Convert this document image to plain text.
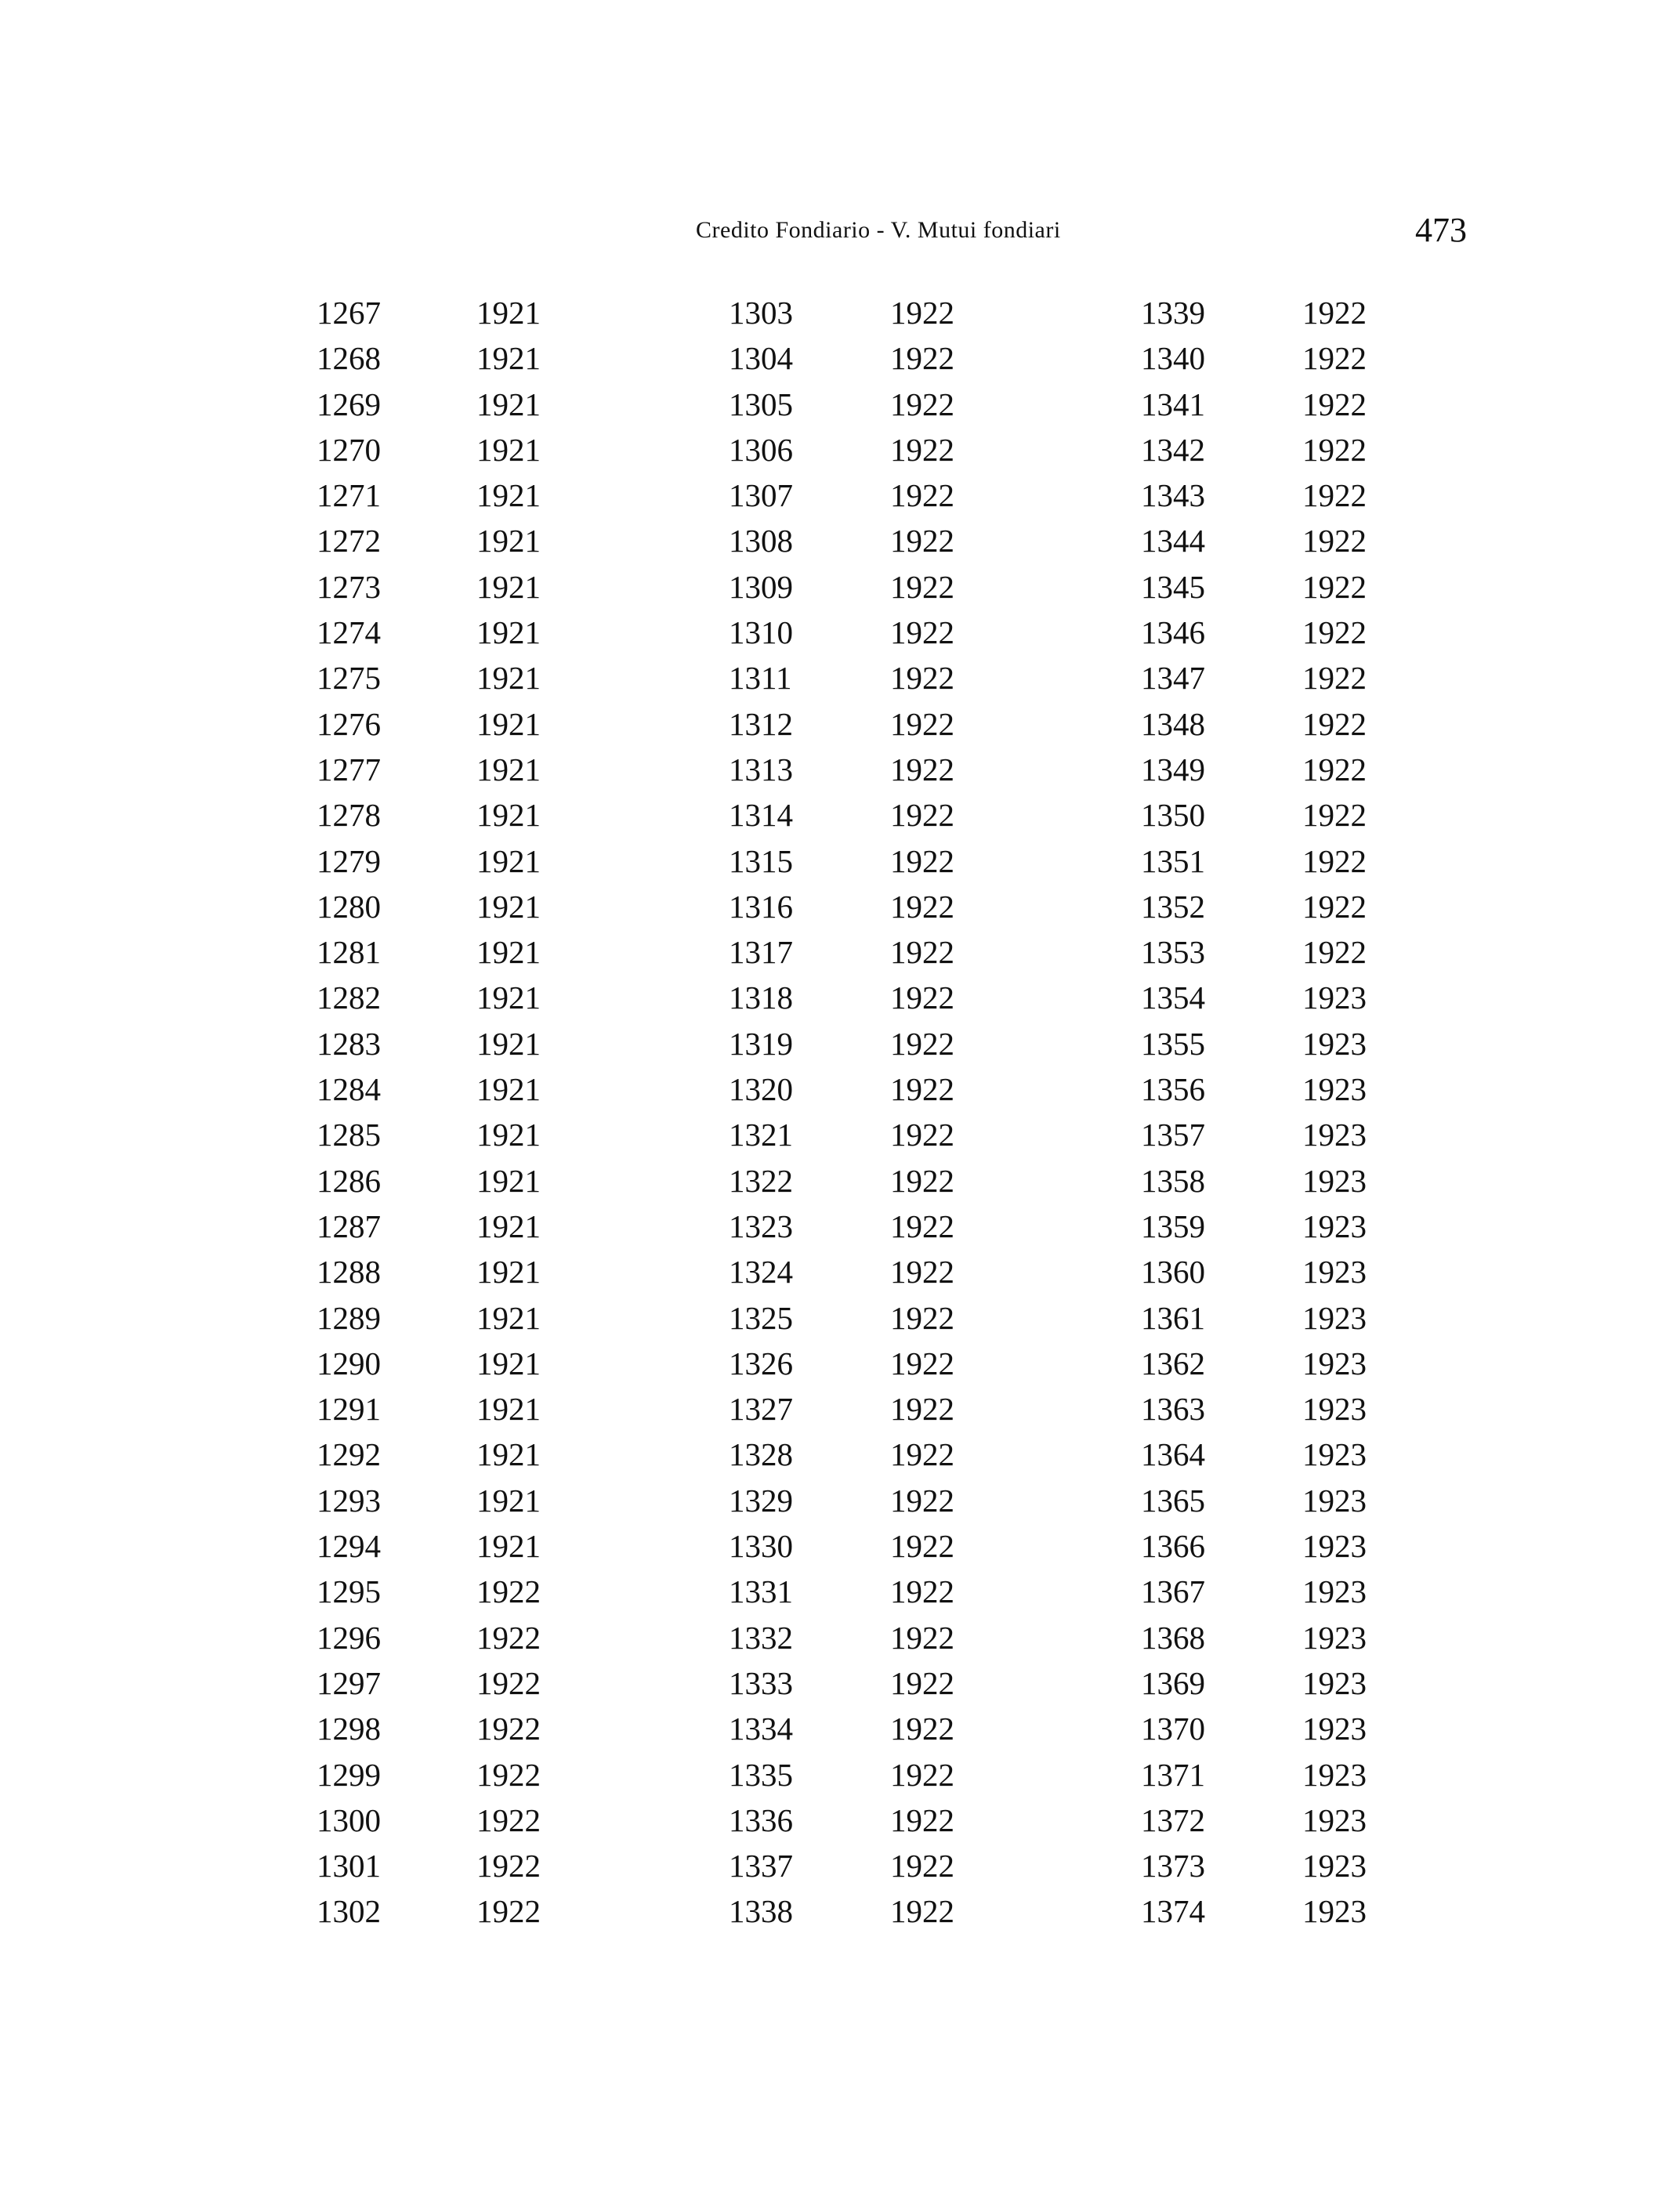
Credito Fondiario - V. Mutui fondiari	473
1267	1921
1268	1921
1269	1921
1270	1921
1271	1921
1272	1921
1273	1921
1274	1921
1275	1921
1276	1921
1277	1921
1278	1921
1279	1921
1280	1921
1281	1921
1282	1921
1283	1921
1284	1921
1285	1921
1286	1921
1287	1921
1288	1921
1289	1921
1290	1921
1291	1921
1292	1921
1293	1921
1294	1921
1295	1922
1296	1922
1297	1922
1298	1922
1299	1922
1300	1922
1301	1922
1302	1922
1303	1922
1304	1922
1305	1922
1306	1922
1307	1922
1308	1922
1309	1922
1310	1922
1311	1922
1312	1922
1313	1922
1314	1922
1315	1922
1316	1922
1317	1922
1318	1922
1319	1922
1320	1922
1321	1922
1322	1922
1323	1922
1324	1922
1325	1922
1326	1922
1327	1922
1328	1922
1329	1922
1330	1922
1331	1922
1332	1922
1333	1922
1334	1922
1335	1922
1336	1922
1337	1922
1338	1922
1339	1922
1340	1922
1341	1922
1342	1922
1343	1922
1344	1922
1345	1922
1346	1922
1347	1922
1348	1922
1349	1922
1350	1922
1351	1922
1352	1922
1353	1922
1354	1923
1355	1923
1356	1923
1357	1923
1358	1923
1359	1923
1360	1923
1361	1923
1362	1923
1363	1923
1364	1923
1365	1923
1366	1923
1367	1923
1368	1923
1369	1923
1370	1923
1371	1923
1372	1923
1373	1923
1374	1923
